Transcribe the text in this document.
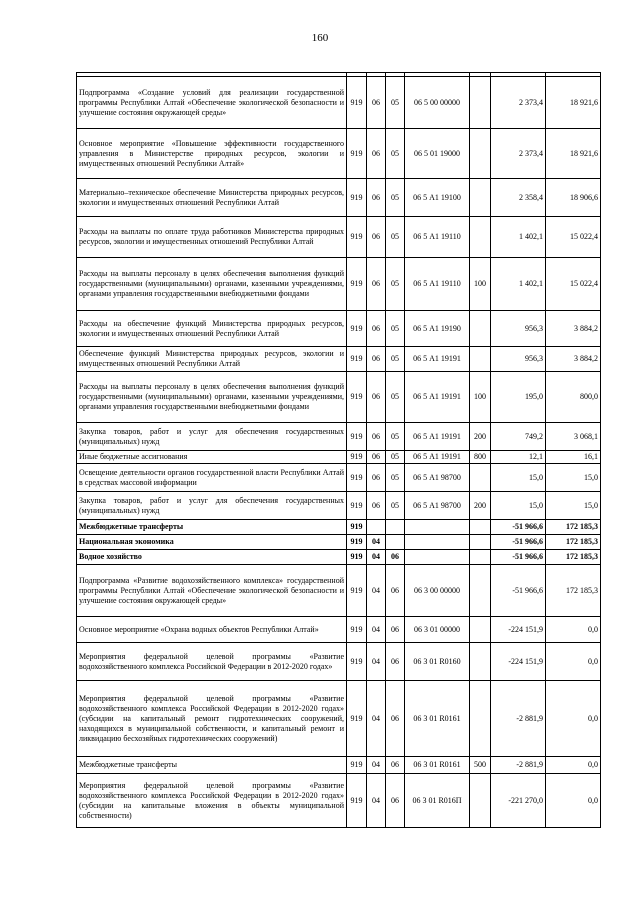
160

Подпрограмма «Создание условий для реализации государственной программы Республики Алтай «Обеспечение экологической безопасности и улучшение состояния окружающей среды»	919	06	05	06 5 00 00000		2 373,4	18 921,6
Основное мероприятие «Повышение эффективности государственного управления в Министерстве природных ресурсов, экологии и имущественных отношений Республики Алтай»	919	06	05	06 5 01 19000		2 373,4	18 921,6
Материально–техническое обеспечение Министерства природных ресурсов, экологии и имущественных отношений Республики Алтай	919	06	05	06 5 А1 19100		2 358,4	18 906,6
Расходы на выплаты по оплате труда работников Министерства природных ресурсов, экологии и имущественных отношений Республики Алтай	919	06	05	06 5 А1 19110		1 402,1	15 022,4
Расходы на выплаты персоналу в целях обеспечения выполнения функций государственными (муниципальными) органами, казенными учреждениями, органами управления государственными внебюджетными фондами	919	06	05	06 5 А1 19110	100	1 402,1	15 022,4
Расходы на обеспечение функций Министерства природных ресурсов, экологии и имущественных отношений Республики Алтай	919	06	05	06 5 А1 19190		956,3	3 884,2
Обеспечение функций Министерства природных ресурсов, экологии и имущественных отношений Республики Алтай	919	06	05	06 5 А1 19191		956,3	3 884,2
Расходы на выплаты персоналу в целях обеспечения выполнения функций государственными (муниципальными) органами, казенными учреждениями, органами управления государственными внебюджетными фондами	919	06	05	06 5 А1 19191	100	195,0	800,0
Закупка товаров, работ и услуг для обеспечения государственных (муниципальных) нужд	919	06	05	06 5 А1 19191	200	749,2	3 068,1
Иные бюджетные ассигнования	919	06	05	06 5 А1 19191	800	12,1	16,1
Освещение деятельности органов государственной власти Республики Алтай в средствах массовой информации	919	06	05	06 5 А1 98700		15,0	15,0
Закупка товаров, работ и услуг для обеспечения государственных (муниципальных) нужд	919	06	05	06 5 А1 98700	200	15,0	15,0
Межбюджетные трансферты	919					-51 966,6	172 185,3
Национальная экономика	919	04				-51 966,6	172 185,3
Водное хозяйство	919	04	06			-51 966,6	172 185,3
Подпрограмма «Развитие водохозяйственного комплекса» государственной программы Республики Алтай «Обеспечение экологической безопасности и улучшение состояния окружающей среды»	919	04	06	06 3 00 00000		-51 966,6	172 185,3
Основное мероприятие «Охрана водных объектов Республики Алтай»	919	04	06	06 3 01 00000		-224 151,9	0,0
Мероприятия федеральной целевой программы «Развитие водохозяйственного комплекса Российской Федерации в 2012-2020 годах»	919	04	06	06 3 01 R0160		-224 151,9	0,0
Мероприятия федеральной целевой программы «Развитие водохозяйственного комплекса Российской Федерации в 2012-2020 годах» (субсидии на капитальный ремонт гидротехнических сооружений, находящихся в муниципальной собственности, и капитальный ремонт и ликвидацию бесхозяйных гидротехнических сооружений)	919	04	06	06 3 01 R0161		-2 881,9	0,0
Межбюджетные трансферты	919	04	06	06 3 01 R0161	500	-2 881,9	0,0
Мероприятия федеральной целевой программы «Развитие водохозяйственного комплекса Российской Федерации в 2012-2020 годах» (субсидии на капитальные вложения в объекты муниципальной собственности)	919	04	06	06 3 01 R016П		-221 270,0	0,0
